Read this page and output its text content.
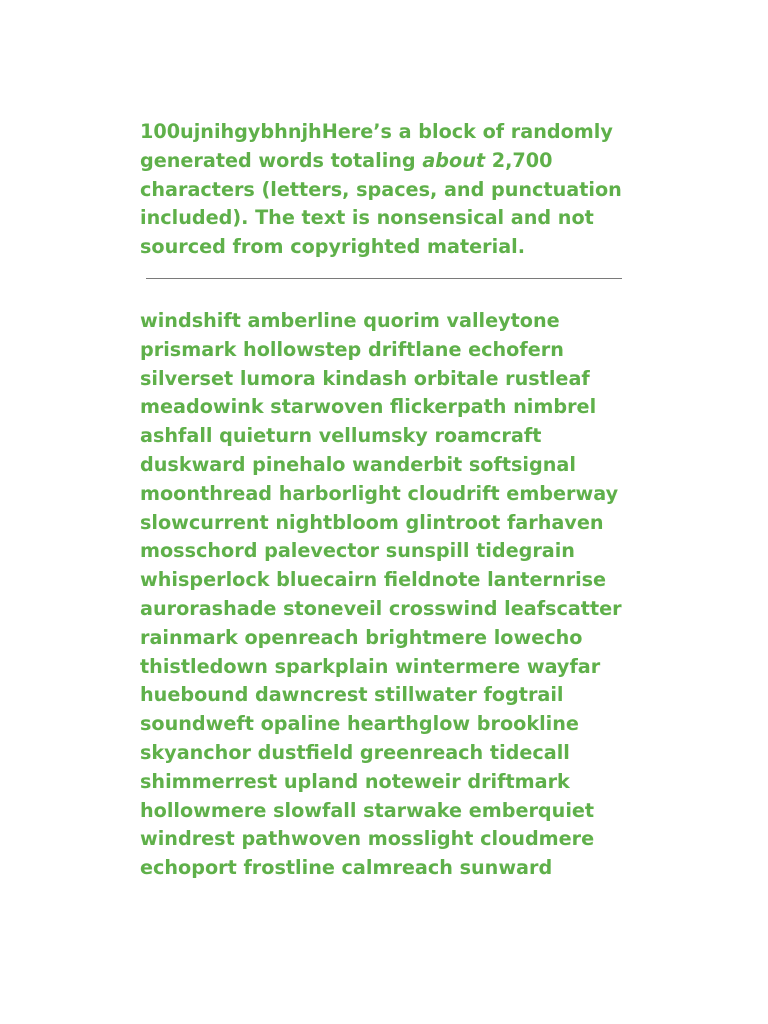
100ujnihgybhnjhHere’s a block of randomly generated words totaling about 2,700 characters (letters, spaces, and punctuation included). The text is nonsensical and not sourced from copyrighted material.

windshift amberline quorim valleytone
prismark hollowstep driftlane echofern
silverset lumora kindash orbitale rustleaf
meadowink starwoven flickerpath nimbrel
ashfall quieturn vellumsky roamcraft
duskward pinehalo wanderbit softsignal
moonthread harborlight cloudrift emberway
slowcurrent nightbloom glintroot farhaven
mosschord palevector sunspill tidegrain
whisperlock bluecairn fieldnote lanternrise
aurorashade stoneveil crosswind leafscatter
rainmark openreach brightmere lowecho
thistledown sparkplain wintermere wayfar
huebound dawncrest stillwater fogtrail
soundweft opaline hearthglow brookline
skyanchor dustfield greenreach tidecall
shimmerrest upland noteweir driftmark
hollowmere slowfall starwake emberquiet
windrest pathwoven mosslight cloudmere
echoport frostline calmreach sunward
